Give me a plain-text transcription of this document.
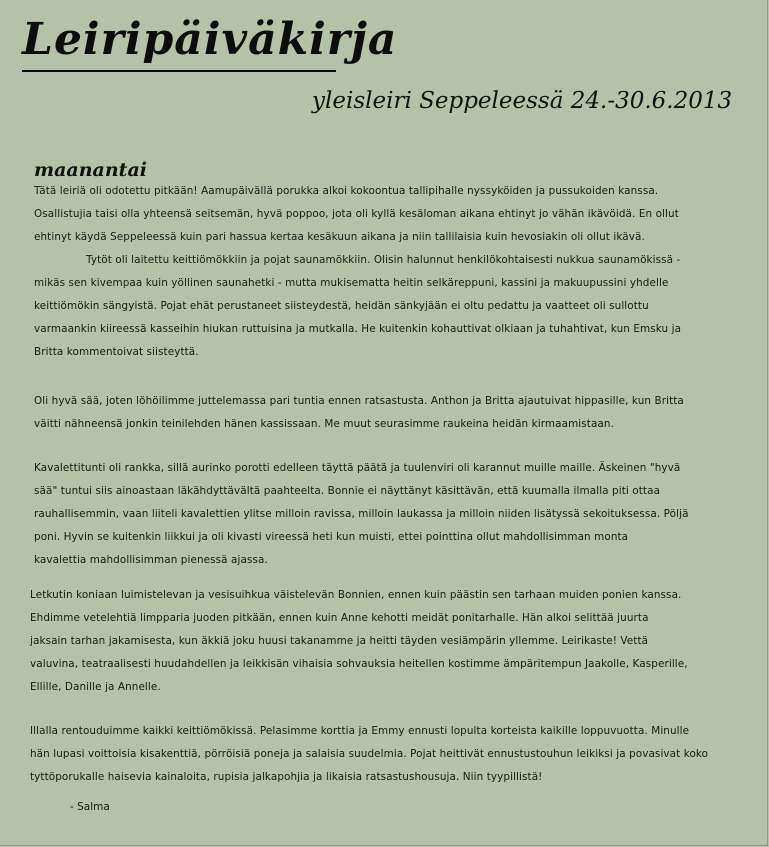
Leiripäiväkirja
yleisleiri Seppeleessä 24.-30.6.2013
maanantai
Tätä leiriä oli odotettu pitkään! Aamupäivällä porukka alkoi kokoontua tallipihalle nyssyköiden ja pussukoiden kanssa.
Osallistujia taisi olla yhteensä seitsemän, hyvä poppoo, jota oli kyllä kesäloman aikana ehtinyt jo vähän ikävöidä. En ollut
ehtinyt käydä Seppeleessä kuin pari hassua kertaa kesäkuun aikana ja niin tallilaisia kuin hevosiakin oli ollut ikävä.
Tytöt oli laitettu keittiömökkiin ja pojat saunamökkiin. Olisin halunnut henkilökohtaisesti nukkua saunamökissä -
mikäs sen kivempaa kuin yöllinen saunahetki - mutta mukisematta heitin selkäreppuni, kassini ja makuupussini yhdelle
keittiömökin sängyistä. Pojat ehät perustaneet siisteydestä, heidän sänkyjään ei oltu pedattu ja vaatteet oli sullottu
varmaankin kiireessä kasseihin hiukan ruttuisina ja mutkalla. He kuitenkin kohauttivat olkiaan ja tuhahtivat, kun Emsku ja
Britta kommentoivat siisteyttä.
Oli hyvä sää, joten löhöilimme juttelemassa pari tuntia ennen ratsastusta. Anthon ja Britta ajautuivat hippasille, kun Britta
väitti nähneensä jonkin teinilehden hänen kassissaan. Me muut seurasimme raukeina heidän kirmaamistaan.
Kavalettitunti oli rankka, sillä aurinko porotti edelleen täyttä päätä ja tuulenviri oli karannut muille maille. Äskeinen "hyvä
sää" tuntui siis ainoastaan läkähdyttävältä paahteelta. Bonnie ei näyttänyt käsittävän, että kuumalla ilmalla piti ottaa
rauhallisemmin, vaan liiteli kavalettien ylitse milloin ravissa, milloin laukassa ja milloin niiden lisätyssä sekoituksessa. Pöljä
poni. Hyvin se kuitenkin liikkui ja oli kivasti vireessä heti kun muisti, ettei pointtina ollut mahdollisimman monta
kavalettia mahdollisimman pienessä ajassa.
Letkutin koniaan luimistelevan ja vesisuihkua väistelevän Bonnien, ennen kuin päästin sen tarhaan muiden ponien kanssa.
Ehdimme vetelehtiä limpparia juoden pitkään, ennen kuin Anne kehotti meidät ponitarhalle. Hän alkoi selittää juurta
jaksain tarhan jakamisesta, kun äkkiä joku huusi takanamme ja heitti täyden vesiämpärin yllemme. Leirikaste! Vettä
valuvina, teatraalisesti huudahdellen ja leikkisän vihaisia sohvauksia heitellen kostimme ämpäritempun Jaakolle, Kasperille,
Ellille, Danille ja Annelle.
Illalla rentouduimme kaikki keittiömökissä. Pelasimme korttia ja Emmy ennusti lopulta korteista kaikille loppuvuotta. Minulle
hän lupasi voittoisia kisakenttiä, pörröisiä poneja ja salaisia suudelmia. Pojat heittivät ennustustouhun leikiksi ja povasivat koko
tyttöporukalle haisevia kainaloita, rupisia jalkapohjia ja likaisia ratsastushousuja. Niin tyypillistä!
- Salma
